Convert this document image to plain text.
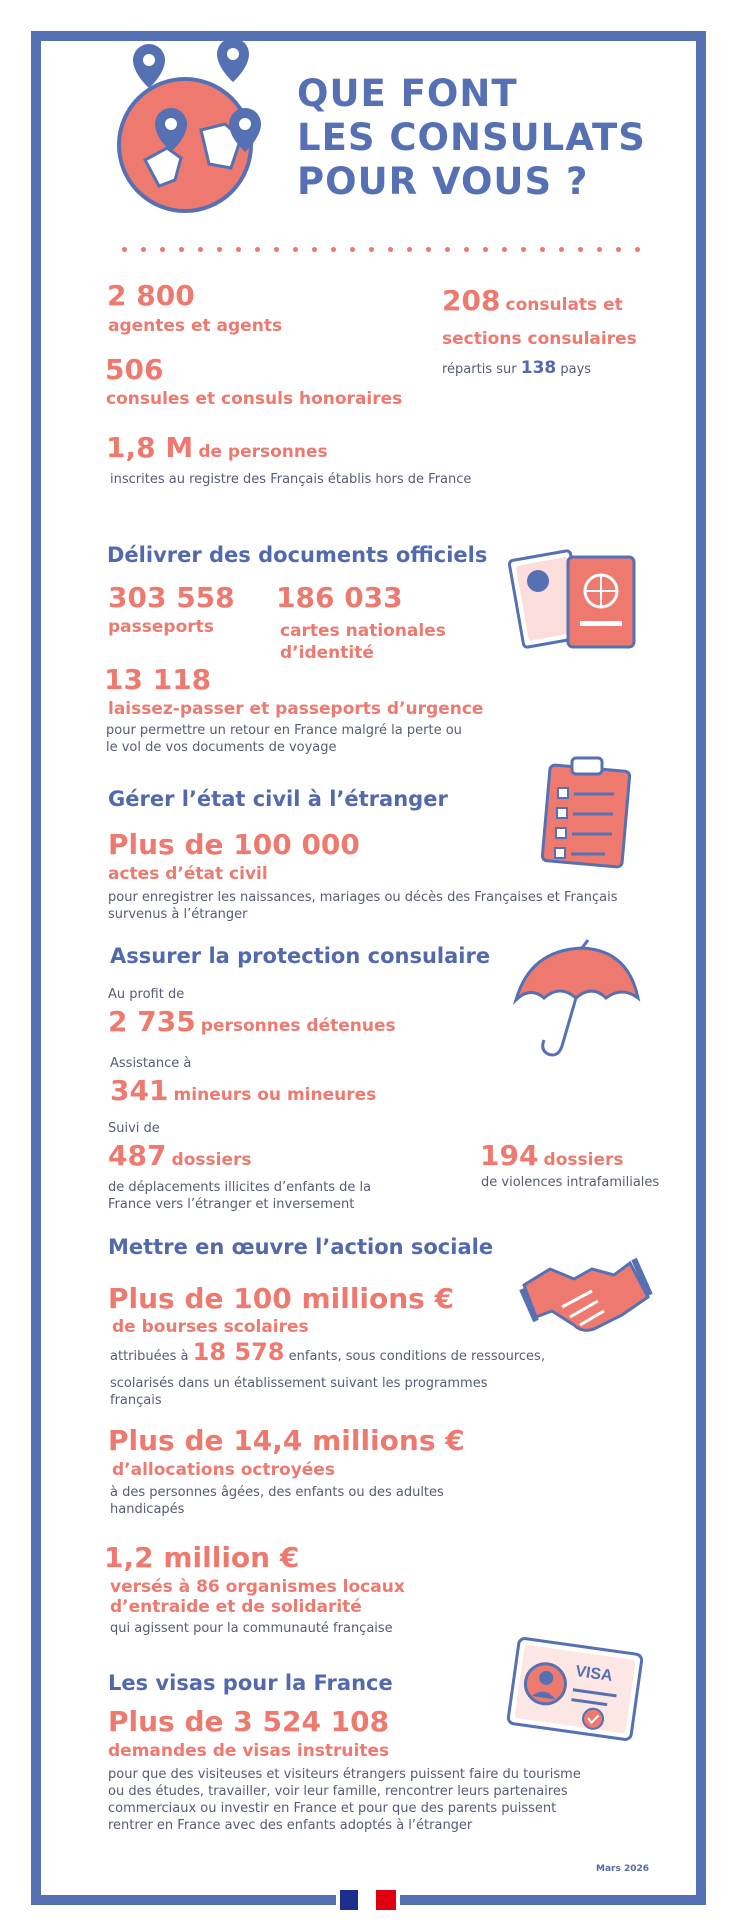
QUE FONT
LES CONSULATS
POUR VOUS ?
2 800
agentes et agents
506
consules et consuls honoraires
208 consulats et
sections consulaires
répartis sur 138 pays
1,8 M de personnes
inscrites au registre des Français établis hors de France
Délivrer des documents officiels
303 558
passeports
186 033
cartes nationales
d’identité
13 118
laissez-passer et passeports d’urgence
pour permettre un retour en France malgré la perte ou
le vol de vos documents de voyage
Gérer l’état civil à l’étranger
Plus de 100 000
actes d’état civil
pour enregistrer les naissances, mariages ou décès des Françaises et Français
survenus à l’étranger
Assurer la protection consulaire
Au profit de
2 735 personnes détenues
Assistance à
341 mineurs ou mineures
Suivi de
487 dossiers
de déplacements illicites d’enfants de la
France vers l’étranger et inversement
194 dossiers
de violences intrafamiliales
Mettre en œuvre l’action sociale
Plus de 100 millions €
de bourses scolaires
attribuées à 18 578 enfants, sous conditions de ressources,
scolarisés dans un établissement suivant les programmes
français
Plus de 14,4 millions €
d’allocations octroyées
à des personnes âgées, des enfants ou des adultes
handicapés
1,2 million €
versés à 86 organismes locaux
d’entraide et de solidarité
qui agissent pour la communauté française
Les visas pour la France	VISA
Plus de 3 524 108
demandes de visas instruites
pour que des visiteuses et visiteurs étrangers puissent faire du tourisme
ou des études, travailler, voir leur famille, rencontrer leurs partenaires
commerciaux ou investir en France et pour que des parents puissent
rentrer en France avec des enfants adoptés à l’étranger
Mars 2026
